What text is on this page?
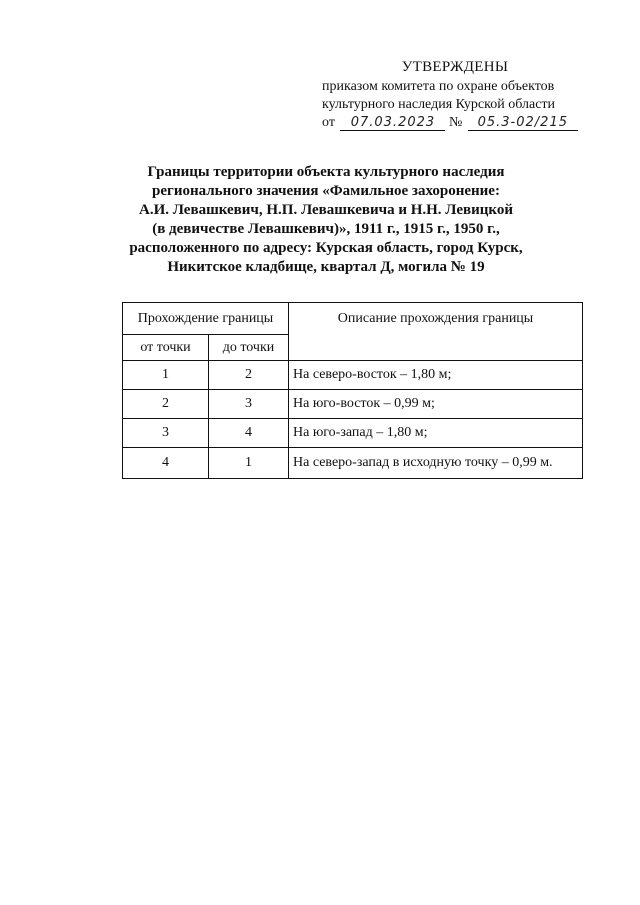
УТВЕРЖДЕНЫ
приказом комитета по охране объектов
культурного наследия Курской области
от 07.03.2023 № 05.3-02/215
Границы территории объекта культурного наследия
регионального значения «Фамильное захоронение:
А.И. Левашкевич, Н.П. Левашкевича и Н.Н. Левицкой
(в девичестве Левашкевич)», 1911 г., 1915 г., 1950 г.,
расположенного по адресу: Курская область, город Курск,
Никитское кладбище, квартал Д, могила № 19
Прохождение границы		Описание прохождения границы
от точки	до точки	
1	2	На северо-восток – 1,80 м;
2	3	На юго-восток – 0,99 м;
3	4	На юго-запад – 1,80 м;
4	1	На северо-запад в исходную точку – 0,99 м.
